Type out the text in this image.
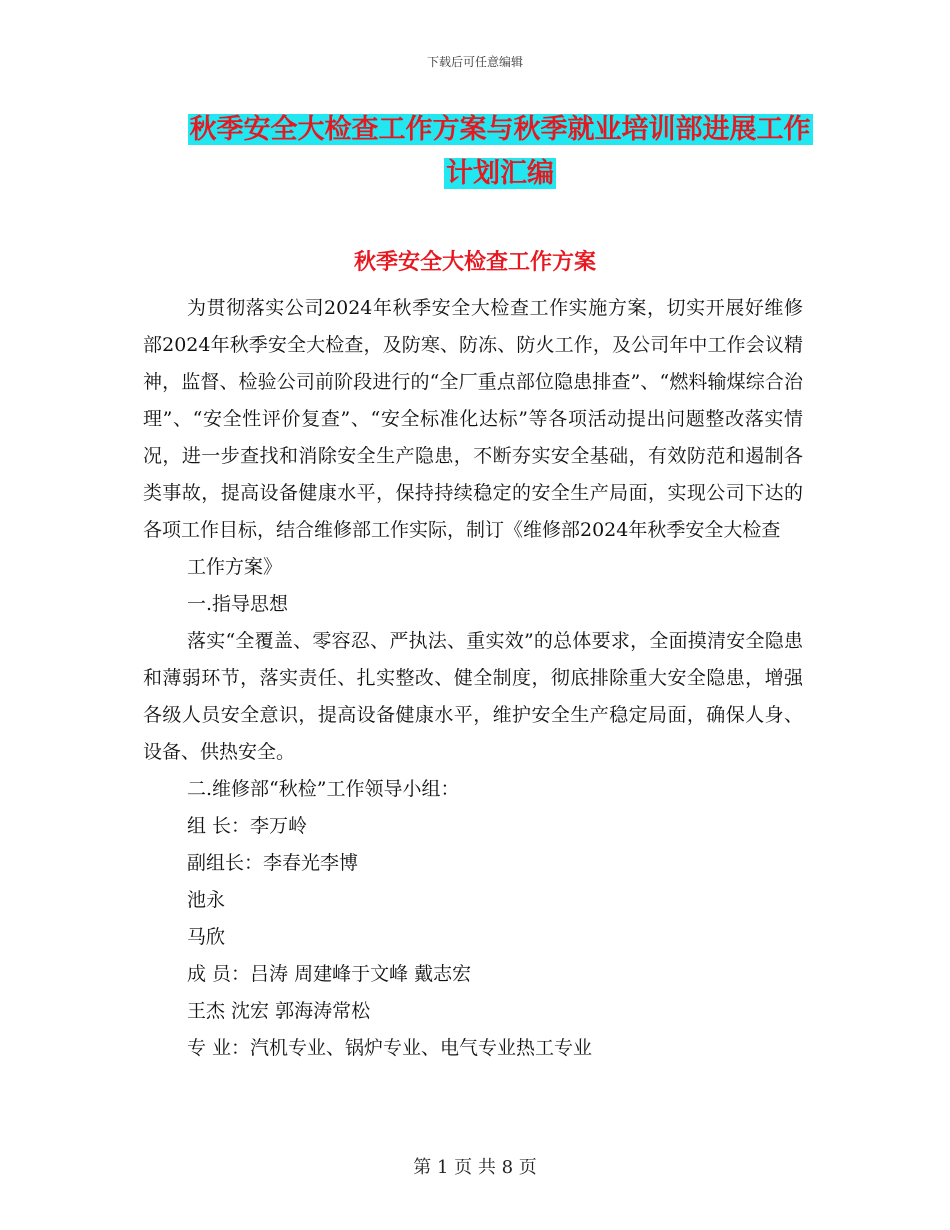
下载后可任意编辑
秋季安全大检查工作方案与秋季就业培训部进展工作
计划汇编
秋季安全大检查工作方案

为贯彻落实公司2024年秋季安全大检查工作实施方案，切实开展好维修部2024年秋季安全大检查，及防寒、防冻、防火工作，及公司年中工作会议精神，监督、检验公司前阶段进行的“全厂重点部位隐患排查”、“燃料输煤综合治理”、“安全性评价复查”、“安全标准化达标”等各项活动提出问题整改落实情况，进一步查找和消除安全生产隐患，不断夯实安全基础，有效防范和遏制各类事故，提高设备健康水平，保持持续稳定的安全生产局面，实现公司下达的各项工作目标，结合维修部工作实际，制订《维修部2024年秋季安全大检查

工作方案》

一.指导思想

落实“全覆盖、零容忍、严执法、重实效”的总体要求，全面摸清安全隐患和薄弱环节，落实责任、扎实整改、健全制度，彻底排除重大安全隐患，增强各级人员安全意识，提高设备健康水平，维护安全生产稳定局面，确保人身、设备、供热安全。

二.维修部“秋检”工作领导小组：

组 长：李万岭

副组长：李春光李博

池永

马欣

成 员：吕涛 周建峰于文峰 戴志宏

王杰 沈宏 郭海涛常松

专 业：汽机专业、锅炉专业、电气专业热工专业

第 1 页 共 8 页
